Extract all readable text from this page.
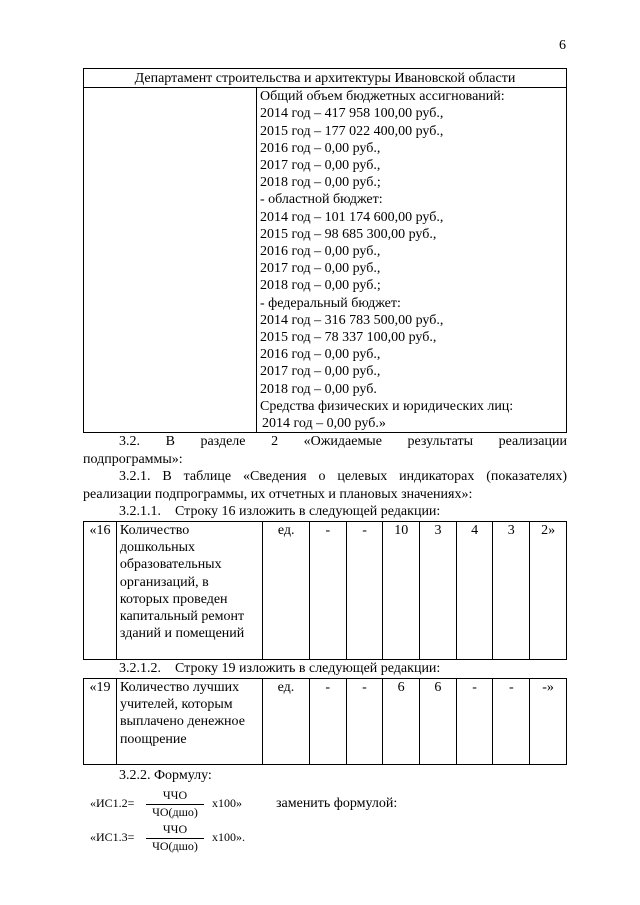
6
Департамент строительства и архитектуры Ивановской области

Общий объем бюджетных ассигнований:
2014 год – 417 958 100,00 руб.,
2015 год – 177 022 400,00 руб.,
2016 год – 0,00 руб.,
2017 год – 0,00 руб.,
2018 год – 0,00 руб.;
- областной бюджет:
2014 год – 101 174 600,00 руб.,
2015 год – 98 685 300,00 руб.,
2016 год – 0,00 руб.,
2017 год – 0,00 руб.,
2018 год – 0,00 руб.;
- федеральный бюджет:
2014 год – 316 783 500,00 руб.,
2015 год – 78 337 100,00 руб.,
2016 год – 0,00 руб.,
2017 год – 0,00 руб.,
2018 год – 0,00 руб.
Средства физических и юридических лиц:
2014 год – 0,00 руб.»
3.2. В разделе 2 «Ожидаемые результаты реализации
подпрограммы»:
3.2.1. В таблице «Сведения о целевых индикаторах (показателях)
реализации подпрограммы, их отчетных и плановых значениях»:
3.2.1.1.    Строку 16 изложить в следующей редакции:
«16	Количество дошкольных образовательных организаций, в которых проведен капитальный ремонт зданий и помещений	ед.	-	-	10	3	4	3	2»
3.2.1.2.    Строку 19 изложить в следующей редакции:
«19	Количество лучших учителей, которым выплачено денежное поощрение	ед.	-	-	6	6	-	-	-»
3.2.2. Формулу:
«ИС1.2=
ЧЧО
ЧО(дшо)
x100» заменить формулой:
«ИС1.3=
ЧЧО
ЧО(дшо)
x100».
